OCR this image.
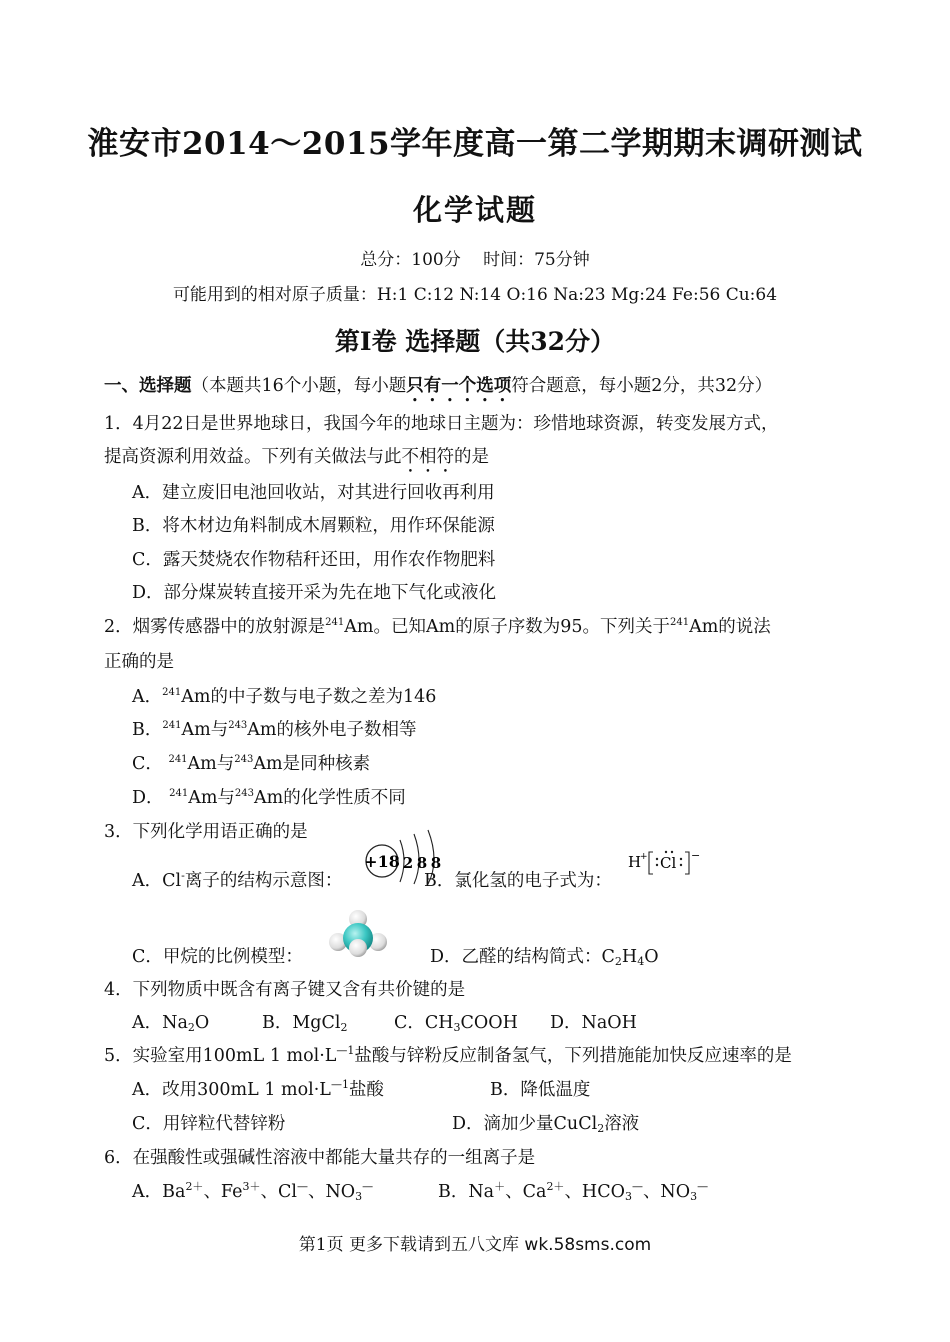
淮安市2014～2015学年度高一第二学期期末调研测试
化学试题
总分：100分　 时间：75分钟
可能用到的相对原子质量：H:1 C:12 N:14 O:16 Na:23 Mg:24 Fe:56 Cu:64
第Ⅰ卷 选择题（共32分）
一、选择题（本题共16个小题，每小题只有一个选项符合题意，每小题2分，共32分）
1．4月22日是世界地球日，我国今年的地球日主题为：珍惜地球资源，转变发展方式，
提高资源利用效益。下列有关做法与此不相符的是
A．建立废旧电池回收站，对其进行回收再利用
B．将木材边角料制成木屑颗粒，用作环保能源
C．露天焚烧农作物秸秆还田，用作农作物肥料
D．部分煤炭转直接开采为先在地下气化或液化
2．烟雾传感器中的放射源是$^{241}$Am。已知Am的原子序数为95。下列关于$^{241}$Am的说法
正确的是
A．$^{241}$Am的中子数与电子数之差为146
B．$^{241}$Am与$^{243}$Am的核外电子数相等
C． $^{241}$Am与$^{243}$Am是同种核素
D． $^{241}$Am与$^{243}$Am的化学性质不同
3．下列化学用语正确的是
A．Cl-离子的结构示意图：
+18 2 8 8
B．氯化氢的电子式为：
H
+ Cl −
C．甲烷的比例模型：	D．乙醛的结构简式：$C_2H_4O$
4．下列物质中既含有离子键又含有共价键的是
A．$Na_2O$	B．MgCl$_2$	C．$CH_3COOH$ D．NaOH
5．实验室用100mL 1 $mol\cdot L^{—1}$盐酸与锌粉反应制备氢气，下列措施能加快反应速率的是
A．改用300mL 1 $mol\cdot L^{—1}$盐酸	B．降低温度
C．用锌粒代替锌粉	D．滴加少量CuCl$_2$溶液
6．在强酸性或强碱性溶液中都能大量共存的一组离子是
A．$Ba^{2+}$、$Fe^{3+}$、Cl—、$NO_3^—$	B．Na＋、$Ca^{2+}$、$HCO_3^—$、$NO_3^—$
第1页 更多下载请到五八文库 wk.58sms.com
